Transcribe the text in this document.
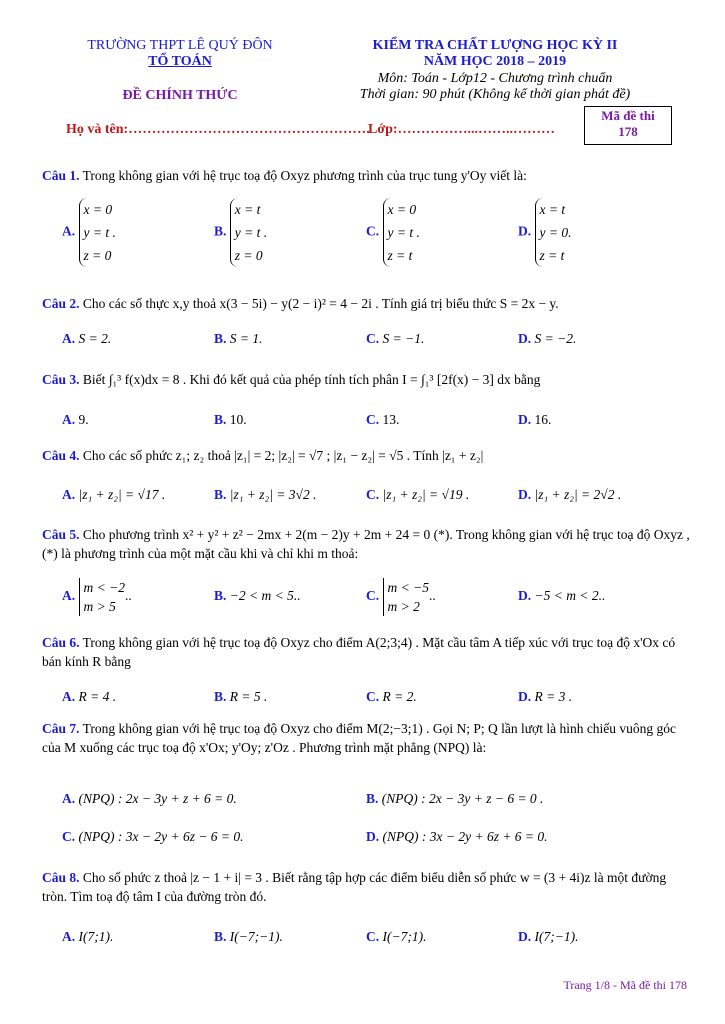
TRƯỜNG THPT LÊ QUÝ ĐÔN
TỔ TOÁN
ĐỀ CHÍNH THỨC
KIỂM TRA CHẤT LƯỢNG HỌC KỲ II
NĂM HỌC 2018 – 2019
Môn: Toán - Lớp12 - Chương trình chuẩn
Thời gian: 90 phút (Không kể thời gian phát đề)
Họ và tên:…………………………………………….
Lớp:……………...……..………
Mã đề thi
178
Câu 1. Trong không gian với hệ trục toạ độ Oxyz phương trình của trục tung y'Oy viết là:
A.
x = 0
y = t .
z = 0
B.
x = t
y = t .
z = 0
C.
x = 0
y = t .
z = t
D.
x = t
y = 0.
z = t
Câu 2. Cho các số thực x,y thoả x(3 − 5i) − y(2 − i)² = 4 − 2i . Tính giá trị biểu thức S = 2x − y.
A. S = 2.	B. S = 1.	C. S = −1.	D. S = −2.
Câu 3. Biết ∫₁³ f(x)dx = 8 . Khi đó kết quả của phép tính tích phân I = ∫₁³ [2f(x) − 3] dx bằng
A. 9.	B. 10.	C. 13.	D. 16.
Câu 4. Cho các số phức z₁; z₂ thoả |z₁| = 2; |z₂| = √7 ; |z₁ − z₂| = √5 . Tính |z₁ + z₂|
A. |z₁ + z₂| = √17 .	B. |z₁ + z₂| = 3√2 .	C. |z₁ + z₂| = √19 .	D. |z₁ + z₂| = 2√2 .
Câu 5. Cho phương trình x² + y² + z² − 2mx + 2(m − 2)y + 2m + 24 = 0 (*). Trong không gian với hệ trục toạ độ Oxyz , (*) là phương trình của một mặt cầu khi và chỉ khi m thoả:
A.
m < −2
m > 5
..	B. −2 < m < 5..	C.
m < −5
m > 2
..	D. −5 < m < 2..
Câu 6. Trong không gian với hệ trục toạ độ Oxyz cho điểm A(2;3;4) . Mặt cầu tâm A tiếp xúc với trục toạ độ x'Ox có bán kính R bằng
A. R = 4 .	B. R = 5 .	C. R = 2.	D. R = 3 .
Câu 7. Trong không gian với hệ trục toạ độ Oxyz cho điểm M(2;−3;1) . Gọi N; P; Q lần lượt là hình chiếu vuông góc của M xuống các trục toạ độ x'Ox; y'Oy; z'Oz . Phương trình mặt phẳng (NPQ) là:
A. (NPQ) : 2x − 3y + z + 6 = 0.	B. (NPQ) : 2x − 3y + z − 6 = 0 .
C. (NPQ) : 3x − 2y + 6z − 6 = 0.	D. (NPQ) : 3x − 2y + 6z + 6 = 0.
Câu 8. Cho số phức z thoả |z − 1 + i| = 3 . Biết rằng tập hợp các điểm biểu diễn số phức w = (3 + 4i)z là một đường tròn. Tìm toạ độ tâm I của đường tròn đó.
A. I(7;1).	B. I(−7;−1).	C. I(−7;1).	D. I(7;−1).
Trang 1/8 - Mã đề thi 178
